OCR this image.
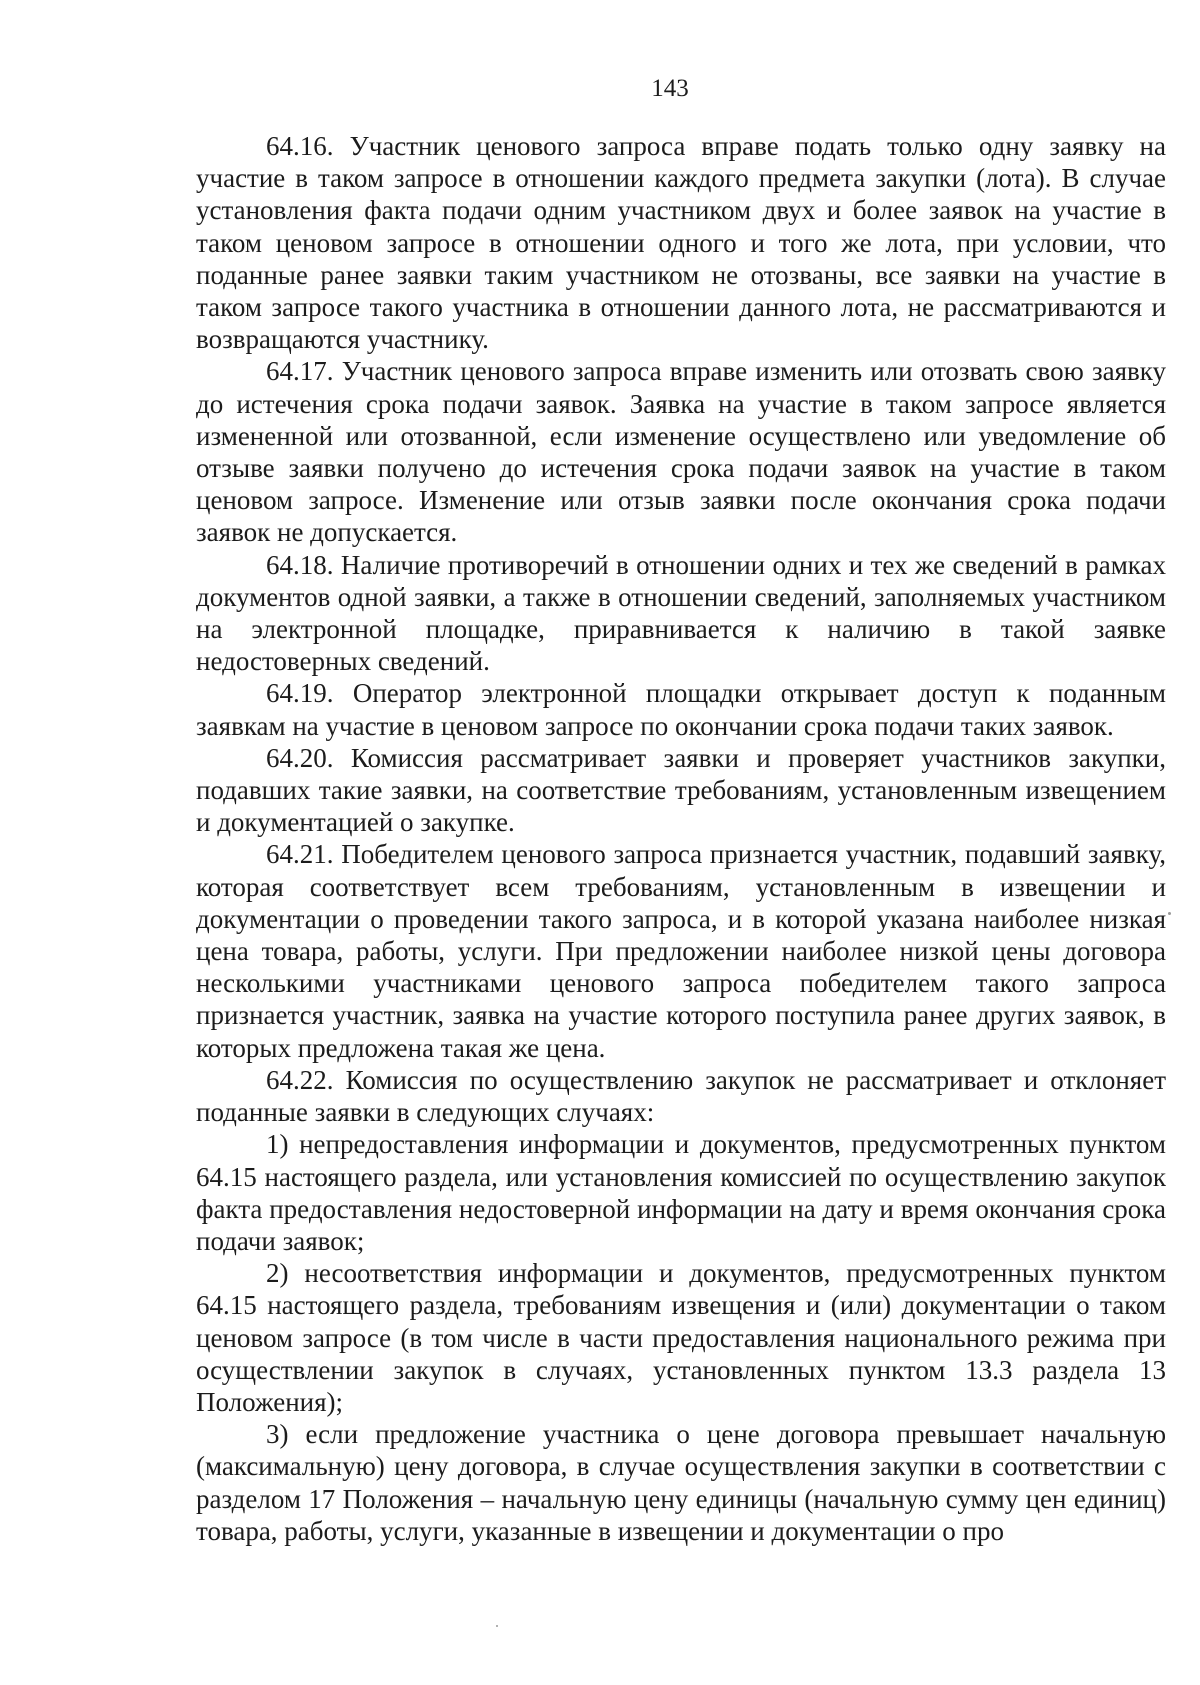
143

64.16. Участник ценового запроса вправе подать только одну заявку на участие в таком запросе в отношении каждого предмета закупки (лота). В случае установления факта подачи одним участником двух и более заявок на участие в таком ценовом запросе в отношении одного и того же лота, при условии, что поданные ранее заявки таким участником не отозваны, все заявки на участие в таком запросе такого участника в отношении данного лота, не рассматриваются и возвращаются участнику.

64.17. Участник ценового запроса вправе изменить или отозвать свою заявку до истечения срока подачи заявок. Заявка на участие в таком запросе является измененной или отозванной, если изменение осуществлено или уведомление об отзыве заявки получено до истечения срока подачи заявок на участие в таком ценовом запросе. Изменение или отзыв заявки после окончания срока подачи заявок не допускается.

64.18. Наличие противоречий в отношении одних и тех же сведений в рамках документов одной заявки, а также в отношении сведений, заполняемых участником на электронной площадке, приравнивается к наличию в такой заявке недостоверных сведений.

64.19. Оператор электронной площадки открывает доступ к поданным заявкам на участие в ценовом запросе по окончании срока подачи таких заявок.

64.20. Комиссия рассматривает заявки и проверяет участников закупки, подавших такие заявки, на соответствие требованиям, установленным извещением и документацией о закупке.

64.21. Победителем ценового запроса признается участник, подавший заявку, которая соответствует всем требованиям, установленным в извещении и документации о проведении такого запроса, и в которой указана наиболее низкая цена товара, работы, услуги. При предложении наиболее низкой цены договора несколькими участниками ценового запроса победителем такого запроса признается участник, заявка на участие которого поступила ранее других заявок, в которых предложена такая же цена.

64.22. Комиссия по осуществлению закупок не рассматривает и отклоняет поданные заявки в следующих случаях:

1) непредоставления информации и документов, предусмотренных пунктом 64.15 настоящего раздела, или установления комиссией по осуществлению закупок факта предоставления недостоверной информации на дату и время окончания срока подачи заявок;

2) несоответствия информации и документов, предусмотренных пунктом 64.15 настоящего раздела, требованиям извещения и (или) документации о таком ценовом запросе (в том числе в части предоставления национального режима при осуществлении закупок в случаях, установленных пунктом 13.3 раздела 13 Положения);

3) если предложение участника о цене договора превышает начальную (максимальную) цену договора, в случае осуществления закупки в соответствии с разделом 17 Положения – начальную цену единицы (начальную сумму цен единиц) товара, работы, услуги, указанные в извещении и документации о про
